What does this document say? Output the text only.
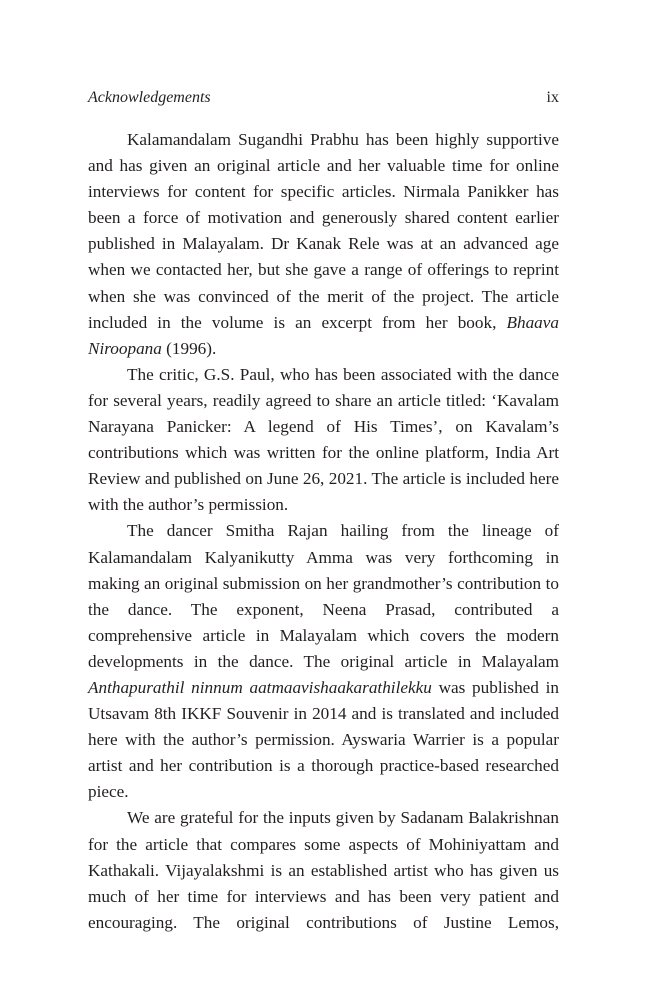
Acknowledgements	ix

Kalamandalam Sugandhi Prabhu has been highly supportive and has given an original article and her valuable time for online interviews for content for specific articles. Nirmala Panikker has been a force of motivation and generously shared content earlier published in Malayalam. Dr Kanak Rele was at an advanced age when we contacted her, but she gave a range of offerings to reprint when she was convinced of the merit of the project. The article included in the volume is an excerpt from her book, Bhaava Niroopana (1996).

The critic, G.S. Paul, who has been associated with the dance for several years, readily agreed to share an article titled: ‘Kavalam Narayana Panicker: A legend of His Times’, on Kavalam’s contributions which was written for the online platform, India Art Review and published on June 26, 2021. The article is included here with the author’s permission.

The dancer Smitha Rajan hailing from the lineage of Kalamandalam Kalyanikutty Amma was very forthcoming in making an original submission on her grandmother’s contribution to the dance. The exponent, Neena Prasad, contributed a comprehensive article in Malayalam which covers the modern developments in the dance. The original article in Malayalam Anthapurathil ninnum aatmaavishaakarathilekku was published in Utsavam 8th IKKF Souvenir in 2014 and is translated and included here with the author’s permission. Ayswaria Warrier is a popular artist and her contribution is a thorough practice-based researched piece.

We are grateful for the inputs given by Sadanam Balakrishnan for the article that compares some aspects of Mohiniyattam and Kathakali. Vijayalakshmi is an established artist who has given us much of her time for interviews and has been very patient and encouraging. The original contributions of Justine Lemos,
